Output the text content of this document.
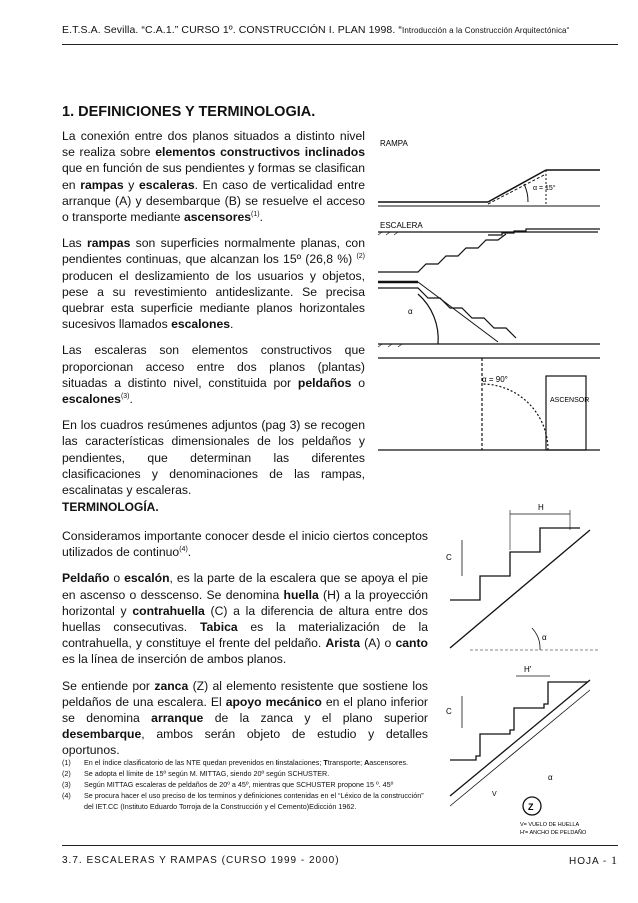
E.T.S.A. Sevilla. “C.A.1.” CURSO 1º. CONSTRUCCIÓN I. PLAN 1998. “Introducción a la Construcción Arquitectónica“
1. DEFINICIONES Y TERMINOLOGIA.

La conexión entre dos planos situados a distinto nivel se realiza sobre elementos constructivos inclinados que en función de sus pendientes y formas se clasifican en rampas y escaleras. En caso de verticalidad entre arranque (A) y desembarque (B) se resuelve el acceso o transporte mediante ascensores$^{(1)}$.

Las rampas son superficies normalmente planas, con pendientes continuas, que alcanzan los 15º (26,8 %) $^{(2)}$ producen el deslizamiento de los usuarios y objetos, pese a su revestimiento antideslizante. Se precisa quebrar esta superficie mediante planos horizontales sucesivos llamados escalones.

Las escaleras son elementos constructivos que proporcionan acceso entre dos planos (plantas) situadas a distinto nivel, constituida por peldaños o escalones$^{(3)}$.

En los cuadros resúmenes adjuntos (pag 3) se recogen las características dimensionales de los peldaños y pendientes, que determinan las diferentes clasificaciones y denominaciones de las rampas, escalinatas y escaleras.

RAMPA
α = 15°
ESCALERA
α
α = 90°
ASCENSOR
TERMINOLOGÍA.

Consideramos importante conocer desde el inicio ciertos conceptos utilizados de continuo$^{(4)}$.

Peldaño o escalón, es la parte de la escalera que se apoya el pie en ascenso o desscenso. Se denomina huella (H) a la proyección horizontal y contrahuella (C) a la diferencia de altura entre dos huellas consecutivas. Tabica es la materialización de la contrahuella, y constituye el frente del peldaño. Arista (A) o canto es la línea de inserción de ambos planos.

Se entiende por zanca (Z) al elemento resistente que sostiene los peldaños de una escalera. El apoyo mecánico en el plano inferior se denomina arranque de la zanca y el plano superior desembarque, ambos serán objeto de estudio y detalles oportunos.

H
C
α
H'
C
α
Z
V
V= VUELO DE HUELLA
H'= ANCHO DE PELDAÑO
(1)	En el índice clasificatorio de las NTE quedan prevenidos en Iinstalaciones; Ttransporte; Aascensores.
(2)	Se adopta el límite de 15º según M. MITTAG, siendo 20º según SCHUSTER.
(3)	Según MITTAG escaleras de peldaños de 20º a 45º, mientras que SCHUSTER propone 15 º. 45º
(4)	Se procura hacer el uso preciso de los terminos y definiciones contenidas en el “Léxico de la construcción” del IET.CC (Instituto Eduardo Torroja de la Construcción y el Cemento)Edicción 1962.
3.7. ESCALERAS Y RAMPAS (CURSO 1999 - 2000)	HOJA - 1
